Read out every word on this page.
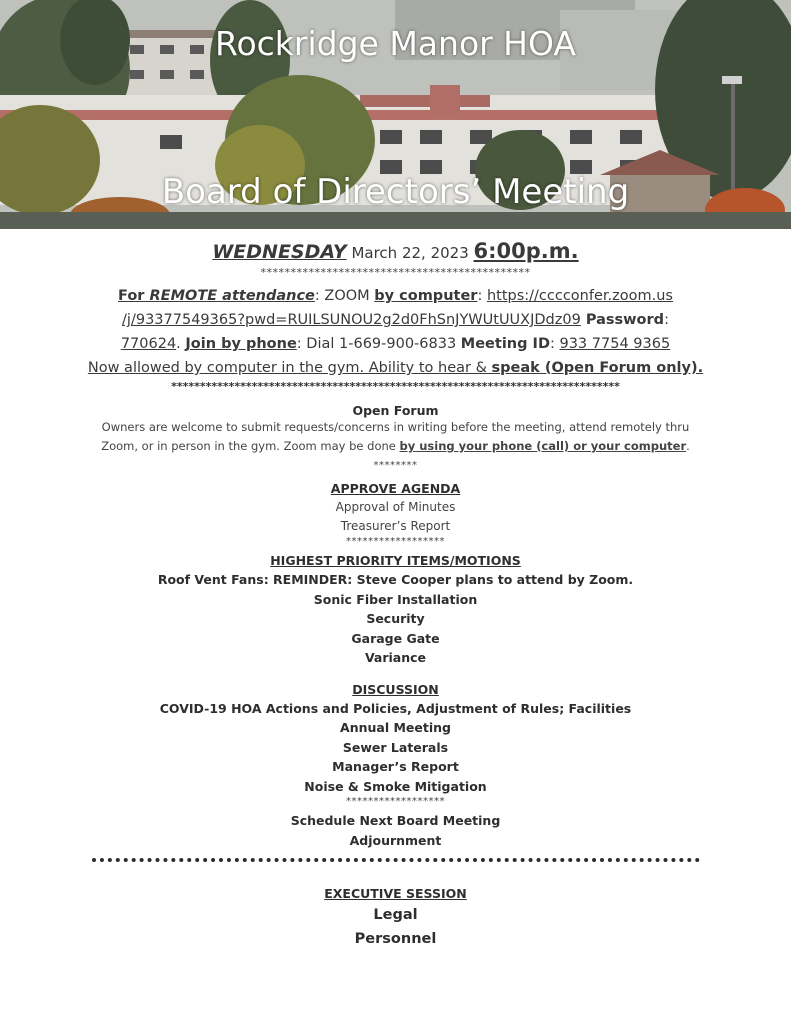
Rockridge Manor HOA
Board of Directors’ Meeting
WEDNESDAY March 22, 2023 6:00p.m.
*********************************************
For REMOTE attendance: ZOOM by computer: https://cccconfer.zoom.us
/j/93377549365?pwd=RUILSUNOU2g2d0FhSnJYWUtUUXJDdz09 Password:
770624. Join by phone: Dial 1-669-900-6833 Meeting ID: 933 7754 9365
Now allowed by computer in the gym. Ability to hear & speak (Open Forum only).
******************************************************************************
Open Forum
Owners are welcome to submit requests/concerns in writing before the meeting, attend remotely thru
Zoom, or in person in the gym. Zoom may be done by using your phone (call) or your computer.
********
APPROVE AGENDA
Approval of Minutes
Treasurer’s Report
******************
HIGHEST PRIORITY ITEMS/MOTIONS
Roof Vent Fans: REMINDER: Steve Cooper plans to attend by Zoom.
Sonic Fiber Installation
Security
Garage Gate
Variance
DISCUSSION
COVID-19 HOA Actions and Policies, Adjustment of Rules; Facilities
Annual Meeting
Sewer Laterals
Manager’s Report
Noise & Smoke Mitigation
******************
Schedule Next Board Meeting
Adjournment
EXECUTIVE SESSION
Legal
Personnel
